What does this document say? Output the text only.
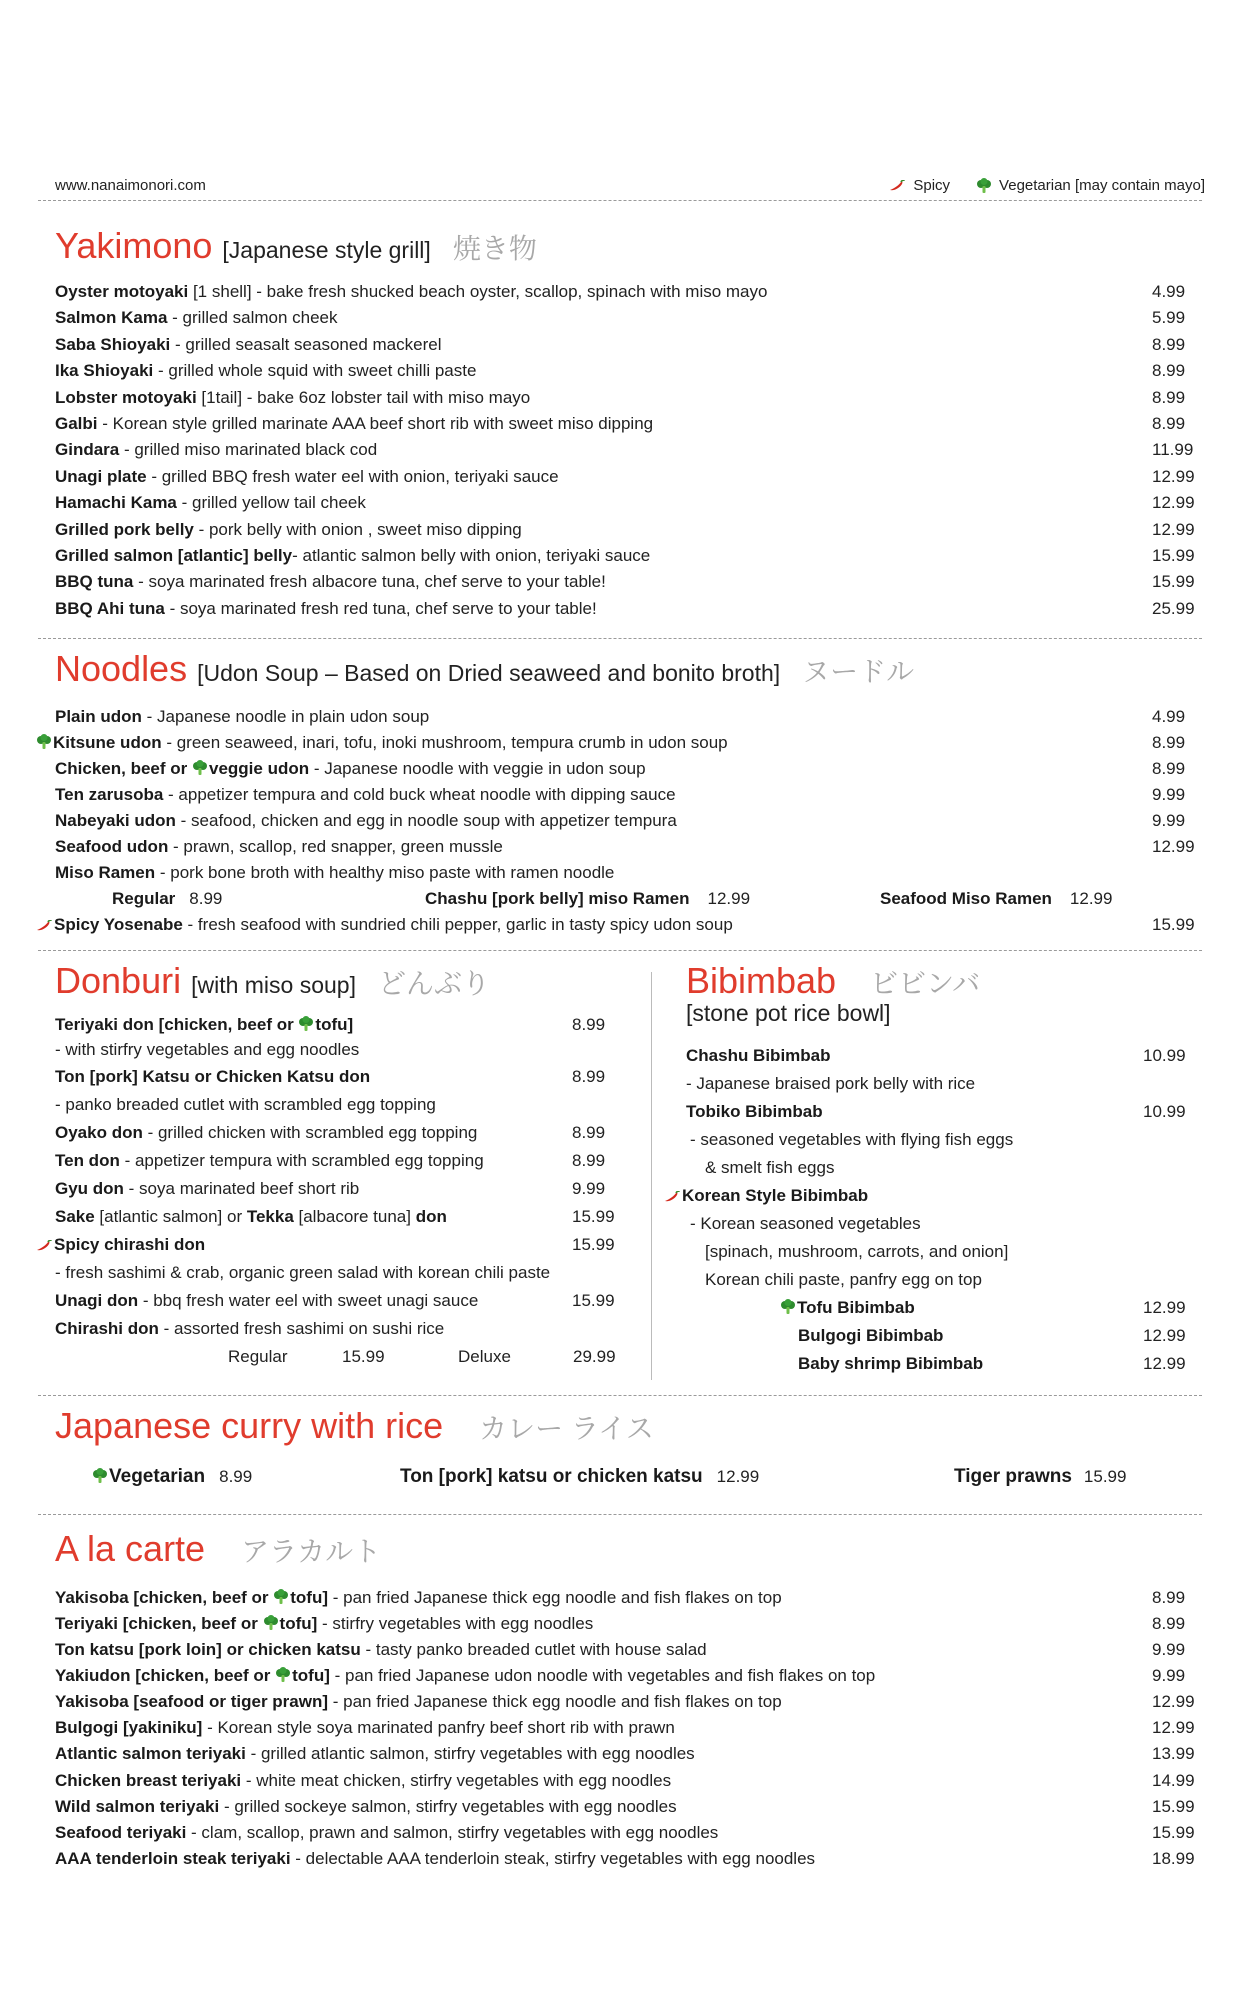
www.nanaimonori.com	Spicy	Vegetarian [may contain mayo]
Yakimono [Japanese style grill] 焼き物
Oyster motoyaki [1 shell] - bake fresh shucked beach oyster, scallop, spinach with miso mayo	4.99
Salmon Kama - grilled salmon cheek	5.99
Saba Shioyaki - grilled seasalt seasoned mackerel	8.99
Ika Shioyaki - grilled whole squid with sweet chilli paste	8.99
Lobster motoyaki [1tail] - bake 6oz lobster tail with miso mayo	8.99
Galbi - Korean style grilled marinate AAA beef short rib with sweet miso dipping	8.99
Gindara - grilled miso marinated black cod	11.99
Unagi plate - grilled BBQ fresh water eel with onion, teriyaki sauce	12.99
Hamachi Kama - grilled yellow tail cheek	12.99
Grilled pork belly - pork belly with onion , sweet miso dipping	12.99
Grilled salmon [atlantic] belly- atlantic salmon belly with onion, teriyaki sauce	15.99
BBQ tuna - soya marinated fresh albacore tuna, chef serve to your table!	15.99
BBQ Ahi tuna - soya marinated fresh red tuna, chef serve to your table!	25.99
Noodles [Udon Soup – Based on Dried seaweed and bonito broth] ヌードル
Plain udon - Japanese noodle in plain udon soup	4.99
Kitsune udon - green seaweed, inari, tofu, inoki mushroom, tempura crumb in udon soup	8.99
Chicken, beef or veggie udon - Japanese noodle with veggie in udon soup	8.99
Ten zarusoba - appetizer tempura and cold buck wheat noodle with dipping sauce	9.99
Nabeyaki udon - seafood, chicken and egg in noodle soup with appetizer tempura	9.99
Seafood udon - prawn, scallop, red snapper, green mussle	12.99
Miso Ramen - pork bone broth with healthy miso paste with ramen noodle
Regular 8.99	Chashu [pork belly] miso Ramen 12.99	Seafood Miso Ramen 12.99
Spicy Yosenabe - fresh seafood with sundried chili pepper, garlic in tasty spicy udon soup	15.99
Donburi [with miso soup] どんぶり
Teriyaki don [chicken, beef or tofu]	8.99
- with stirfry vegetables and egg noodles
Ton [pork] Katsu or Chicken Katsu don	8.99
- panko breaded cutlet with scrambled egg topping
Oyako don - grilled chicken with scrambled egg topping	8.99
Ten don - appetizer tempura with scrambled egg topping	8.99
Gyu don - soya marinated beef short rib	9.99
Sake [atlantic salmon] or Tekka [albacore tuna] don	15.99
Spicy chirashi don	15.99
- fresh sashimi & crab, organic green salad with korean chili paste
Unagi don - bbq fresh water eel with sweet unagi sauce	15.99
Chirashi don - assorted fresh sashimi on sushi rice
Regular	15.99	Deluxe	29.99
Bibimbab ビビンバ
[stone pot rice bowl]
Chashu Bibimbab	10.99
- Japanese braised pork belly with rice
Tobiko Bibimbab	10.99
- seasoned vegetables with flying fish eggs
& smelt fish eggs
Korean Style Bibimbab
- Korean seasoned vegetables
[spinach, mushroom, carrots, and onion]
Korean chili paste, panfry egg on top
Tofu Bibimbab	12.99
Bulgogi Bibimbab	12.99
Baby shrimp Bibimbab	12.99
Japanese curry with rice カレー ライス
Vegetarian 8.99	Ton [pork] katsu or chicken katsu 12.99	Tiger prawns 15.99
A la carte アラカルト
Yakisoba [chicken, beef or tofu] - pan fried Japanese thick egg noodle and fish flakes on top	8.99
Teriyaki [chicken, beef or tofu] - stirfry vegetables with egg noodles	8.99
Ton katsu [pork loin] or chicken katsu - tasty panko breaded cutlet with house salad	9.99
Yakiudon [chicken, beef or tofu] - pan fried Japanese udon noodle with vegetables and fish flakes on top	9.99
Yakisoba [seafood or tiger prawn] - pan fried Japanese thick egg noodle and fish flakes on top	12.99
Bulgogi [yakiniku] - Korean style soya marinated panfry beef short rib with prawn	12.99
Atlantic salmon teriyaki - grilled atlantic salmon, stirfry vegetables with egg noodles	13.99
Chicken breast teriyaki - white meat chicken, stirfry vegetables with egg noodles	14.99
Wild salmon teriyaki - grilled sockeye salmon, stirfry vegetables with egg noodles	15.99
Seafood teriyaki - clam, scallop, prawn and salmon, stirfry vegetables with egg noodles	15.99
AAA tenderloin steak teriyaki - delectable AAA tenderloin steak, stirfry vegetables with egg noodles	18.99
